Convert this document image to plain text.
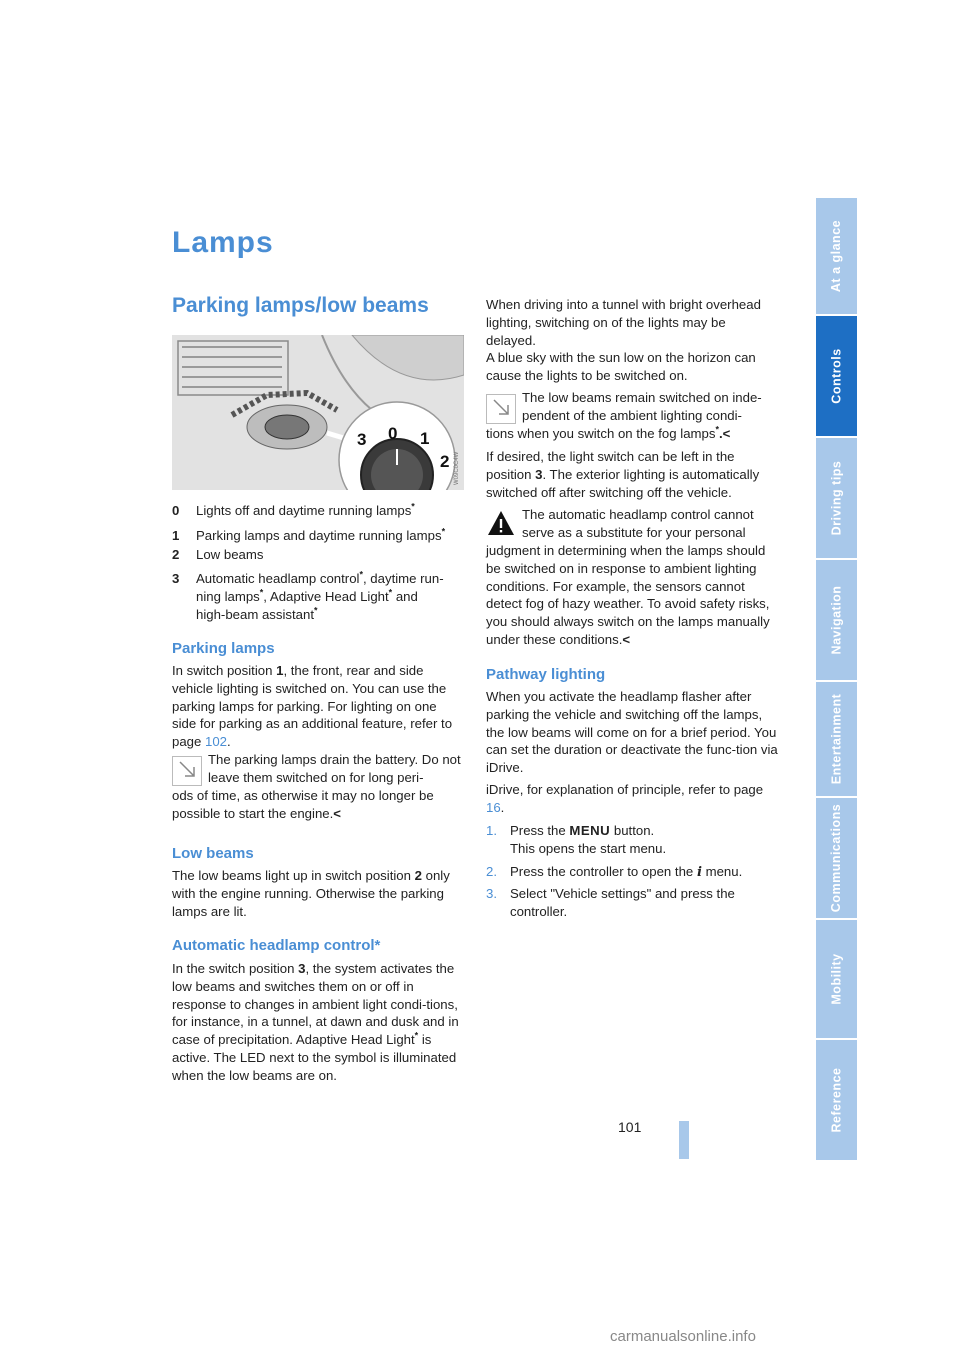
Lamps
Parking lamps/low beams
3 0 1
2 W09C0C4W
0 Lights off and daytime running lamps*
1 Parking lamps and daytime running lamps*
2 Low beams
3 Automatic headlamp control*, daytime run-
ning lamps*, Adaptive Head Light* and
high-beam assistant*
Parking lamps
In switch position 1, the front, rear and side vehicle lighting is switched on. You can use the parking lamps for parking. For lighting on one side for parking as an additional feature, refer to page 102.
The parking lamps drain the battery. Do not leave them switched on for long peri-
ods of time, as otherwise it may no longer be possible to start the engine.<
Low beams
The low beams light up in switch position 2 only with the engine running. Otherwise the parking lamps are lit.
Automatic headlamp control*
In the switch position 3, the system activates the low beams and switches them on or off in response to changes in ambient light condi-tions, for instance, in a tunnel, at dawn and dusk and in case of precipitation. Adaptive Head Light* is active. The LED next to the symbol is illuminated when the low beams are on.
When driving into a tunnel with bright overhead lighting, switching on of the lights may be delayed.
A blue sky with the sun low on the horizon can cause the lights to be switched on.
The low beams remain switched on inde-pendent of the ambient lighting condi-
tions when you switch on the fog lamps*.<
If desired, the light switch can be left in the position 3. The exterior lighting is automatically switched off after switching off the vehicle.
The automatic headlamp control cannot serve as a substitute for your personal
judgment in determining when the lamps should be switched on in response to ambient lighting conditions. For example, the sensors cannot detect fog of hazy weather. To avoid safety risks, you should always switch on the lamps manually under these conditions.<
Pathway lighting
When you activate the headlamp flasher after parking the vehicle and switching off the lamps, the low beams will come on for a brief period. You can set the duration or deactivate the func-tion via iDrive.
iDrive, for explanation of principle, refer to page 16.
1. Press the MENU button.
This opens the start menu.
2. Press the controller to open the i menu.
3. Select "Vehicle settings" and press the controller.
At a glance
Controls
Driving tips
Navigation
Entertainment
Communications
Mobility
Reference
101
carmanualsonline.info
